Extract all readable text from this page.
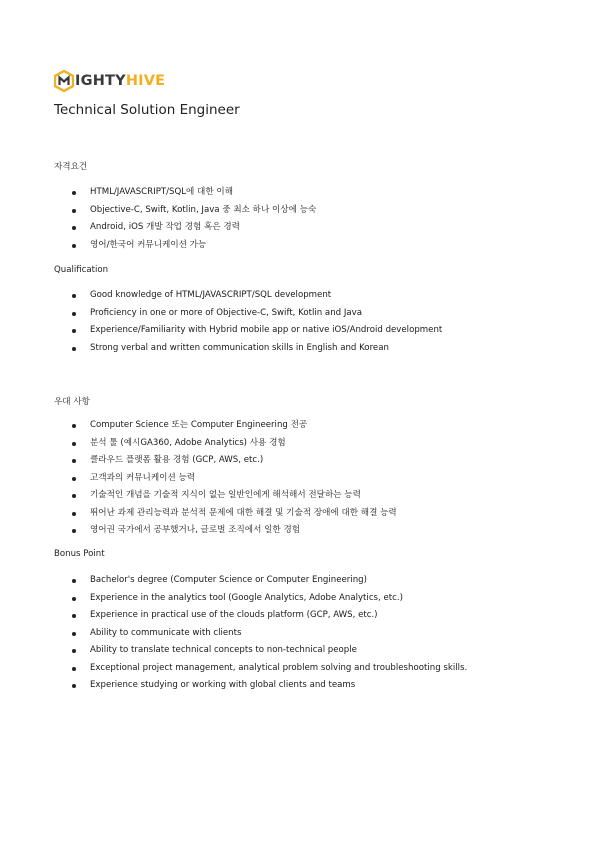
IGHTYHIVE
Technical Solution Engineer
자격요건
HTML/JAVASCRIPT/SQL에 대한 이해
Objective-C, Swift, Kotlin, Java 중 최소 하나 이상에 능숙
Android, iOS 개발 작업 경험 혹은 경력
영어/한국어 커뮤니케이션 가능
Qualification
Good knowledge of HTML/JAVASCRIPT/SQL development
Proficiency in one or more of Objective-C, Swift, Kotlin and Java
Experience/Familiarity with Hybrid mobile app or native iOS/Android development
Strong verbal and written communication skills in English and Korean
우대 사항
Computer Science 또는 Computer Engineering 전공
분석 툴 (예시GA360, Adobe Analytics) 사용 경험
클라우드 플랫폼 활용 경험 (GCP, AWS, etc.)
고객과의 커뮤니케이션 능력
기술적인 개념을 기술적 지식이 없는 일반인에게 해석해서 전달하는 능력
뛰어난 과제 관리능력과 분석적 문제에 대한 해결 및 기술적 장애에 대한 해결 능력
영어권 국가에서 공부했거나, 글로벌 조직에서 일한 경험
Bonus Point
Bachelor's degree (Computer Science or Computer Engineering)
Experience in the analytics tool (Google Analytics, Adobe Analytics, etc.)
Experience in practical use of the clouds platform (GCP, AWS, etc.)
Ability to communicate with clients
Ability to translate technical concepts to non-technical people
Exceptional project management, analytical problem solving and troubleshooting skills.
Experience studying or working with global clients and teams
